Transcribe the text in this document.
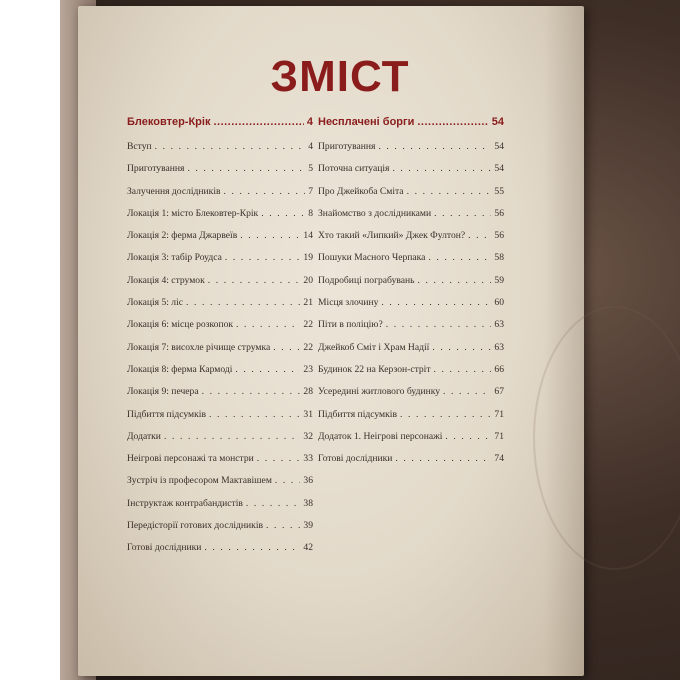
ЗМІСТ
Блековтер-Крік .....	4
Вступ . . .	4
Приготування . . .	5
Залучення дослідників . . .	7
Локація 1: місто Блековтер-Крік . . .	8
Локація 2: ферма Джарвеїв . . .	14
Локація 3: табір Роудса . . .	19
Локація 4: струмок . . .	20
Локація 5: ліс . . .	21
Локація 6: місце розкопок . . .	22
Локація 7: висохле річище струмка . . .	22
Локація 8: ферма Кармоді . . .	23
Локація 9: печера . . .	28
Підбиття підсумків . . .	31
Додатки . . .	32
Неігрові персонажі та монстри . . .	33
Зустріч із професором Мактавішем . . .	36
Інструктаж контрабандистів . . .	38
Передісторії готових дослідників . . .	39
Готові дослідники . . .	42
Несплачені борги .....	54
Приготування . . .	54
Поточна ситуація . . .	54
Про Джейкоба Сміта . . .	55
Знайомство з дослідниками . . .	56
Хто такий «Липкий» Джек Фултон? . . .	56
Пошуки Масного Черпака . . .	58
Подробиці пограбувань . . .	59
Місця злочину . . .	60
Піти в поліцію? . . .	63
Джейкоб Сміт і Храм Надії . . .	63
Будинок 22 на Керзон-стріт . . .	66
Усередині житлового будинку . . .	67
Підбиття підсумків . . .	71
Додаток 1. Неігрові персонажі . . .	71
Готові дослідники . . .	74
